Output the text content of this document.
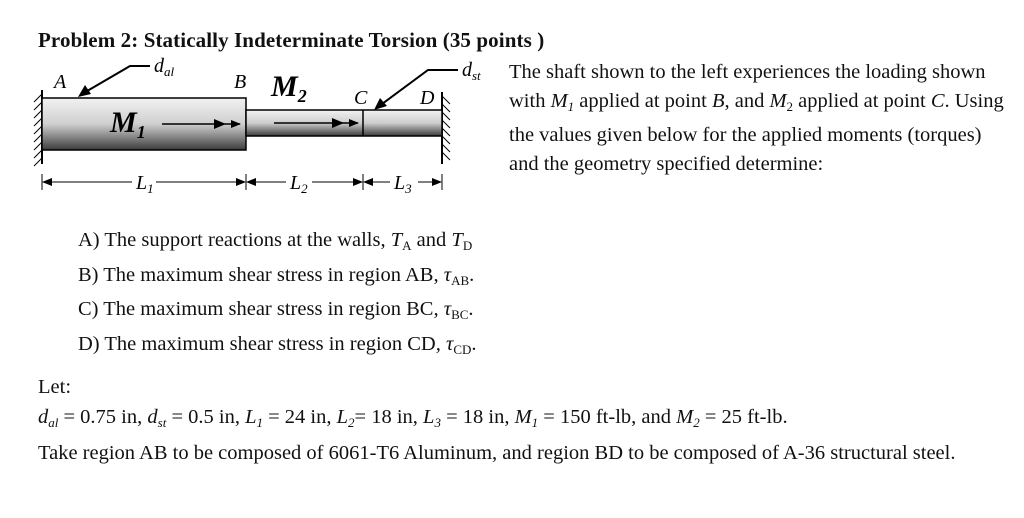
Problem 2: Statically Indeterminate Torsion (35 points )
A	B
C	D
$M_1$
$M_2$
$d_{al}$	$d_{st}$
$L_1$	$L_2$	$L_3$

The shaft shown to the left experiences the loading shown with $M_1$ applied at point B, and $M_2$ applied at point C. Using the values given below for the applied moments (torques) and the geometry specified determine:

A) The support reactions at the walls, $T_A$ and $T_D$
B) The maximum shear stress in region AB, $\tau_{AB}$.
C) The maximum shear stress in region BC, $\tau_{BC}$.
D) The maximum shear stress in region CD, $\tau_{CD}$.

Let:

$d_{al} = 0.75$ in, $d_{st} = 0.5$ in, $L_1 = 24$ in, $L_2= 18$ in, $L_3 = 18$ in, $M_1 = 150$ ft-lb, and $M_2 = 25$ ft-lb.

Take region AB to be composed of 6061-T6 Aluminum, and region BD to be composed of A-36 structural steel.
